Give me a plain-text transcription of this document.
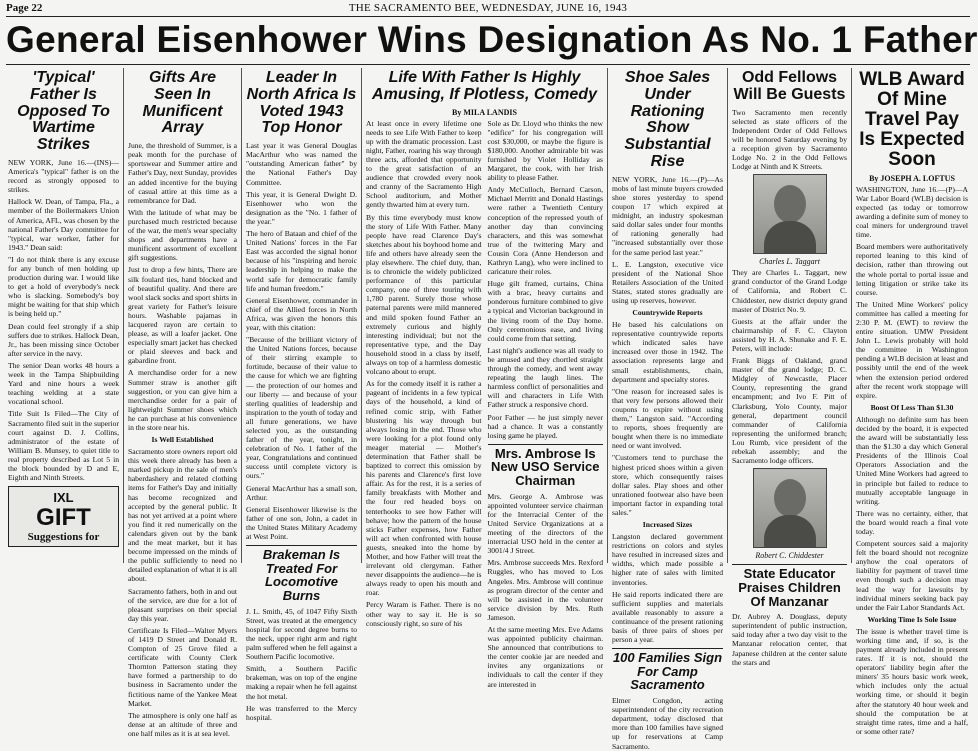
Page 22	THE SACRAMENTO BEE, WEDNESDAY, JUNE 16, 1943
General Eisenhower Wins Designation As No. 1 Father
'Typical' Father Is Opposed To Wartime Strikes

NEW YORK, June 16.—(INS)— America's "typical" father is on the record as strongly opposed to strikes.

Hallock W. Dean, of Tampa, Fla., a member of the Boilermakers Union of America, AFL, was chosen by the national Father's Day committee for "typical, war worker, father for 1943." Dean said:

"I do not think there is any excuse for any bunch of men holding up production during war. I would like to get a hold of everybody's neck who is slacking. Somebody's boy might be waiting for that ship which is being held up."

Dean could feel strongly if a ship suffers due to strikes. Hallock Dean, Jr., has been missing since October after service in the navy.

The senior Dean works 48 hours a week in the Tampa Shipbuilding Yard and nine hours a week teaching welding at a state vocational school.

Title Suit Is Filed—The City of Sacramento filed suit in the superior court against D. J. Collins, administrator of the estate of William B. Munsey, to quiet title to real property described as Lot 5 in the block bounded by D and E, Eighth and Ninth Streets.

IXL
GIFT
Suggestions for
Gifts Are Seen In Munificent Array

June, the threshold of Summer, is a peak month for the purchase of sportswear and Summer attire and Father's Day, next Sunday, provides an added incentive for the buying of casual attire at this time as a remembrance for Dad.

With the latitude of what may be purchased much restricted because of the war, the men's wear specialty shops and departments have a munificent assortment of excellent gift suggestions.

Just to drop a few hints, There are silk foulard ties, hand blocked and of beautiful quality. And there are wool slack socks and sport shirts in great variety for Father's leisure hours. Washable pajamas in lacquered rayon are certain to please, as will a loafer jacket. One especially smart jacket has checked or plaid sleeves and back and gabardine front.

A merchandise order for a new Summer straw is another gift suggestion, or you can give him a merchandise order for a pair of lightweight Summer shoes which he can purchase at his convenience in the store near his.

Is Well Established

Sacramento store owners report old this week there already has been a marked pickup in the sale of men's haberdashery and related clothing items for Father's Day and initially has become recognized and accepted by the general public. It has not yet arrived at a point where you find it red numerically on the calendars given out by the bank and the meat market, but it has become impressed on the minds of the public sufficiently to need no detailed explanation of what it is all about.

Sacramento fathers, both in and out of the service, are due for a lot of pleasant surprises on their special day this year.

Certificate Is Filed—Walter Myers of 1419 D Street and Donald R. Compton of 25 Grove filed a certificate with County Clerk Thornton Patterson stating they have formed a partnership to do business in Sacramento under the fictitious name of the Yankee Meat Market.

The atmosphere is only one half as dense at an altitude of three and one half miles as it is at sea level.

Leader In North Africa Is Voted 1943 Top Honor

Last year it was General Douglas MacArthur who was named the "outstanding American father" by the National Father's Day Committee.

This year, it is General Dwight D. Eisenhower who won the designation as the "No. 1 father of the year."

The hero of Bataan and chief of the United Nations' forces in the Far East was accorded the signal honor because of his "inspiring and heroic leadership in helping to make the world safe for democratic family life and human freedom."

General Eisenhower, commander in chief of the Allied forces in North Africa, was given the honors this year, with this citation:

"Because of the brilliant victory of the United Nations forces, because of their stirring example to fortitude, because of their value to the cause for which we are fighting — the protection of our homes and our liberty — and because of your sterling qualities of leadership and inspiration to the youth of today and all future generations, we have selected you, as the outstanding father of the year, tonight, in celebration of No. 1 father of the year, Congratulations and continued success until complete victory is ours."

General MacArthur has a small son, Arthur.

General Eisenhower likewise is the father of one son, John, a cadet in the United States Military Academy at West Point.

Brakeman Is Treated For Locomotive Burns

J. L. Smith, 45, of 1047 Fifty Sixth Street, was treated at the emergency hospital for second degree burns to the neck, upper right arm and right palm suffered when he fell against a Southern Pacific locomotive.

Smith, a Southern Pacific brakeman, was on top of the engine making a repair when he fell against the hot metal.

He was transferred to the Mercy hospital.

Life With Father Is Highly Amusing, If Plotless, Comedy
By MILA LANDIS

At least once in every lifetime one needs to see Life With Father to keep up with the dramatic procession. Last night, Father, roaring his way through three acts, afforded that opportunity to the great satisfaction of an audience that crowded every nook and cranny of the Sacramento High School auditorium, and Mother gently thwarted him at every turn.

By this time everybody must know the story of Life With Father. Many people have read Clarence Day's sketches about his boyhood home and life and others have already seen the play elsewhere. The chief duty, than, is to chronicle the widely publicized performance of this particular company, one of three touring with 1,780 parent. Surely those whose paternal parents were mild mannered and mild spoken found Father an extremely curious and highly interesting individual; but not the representative type, and the Day household stood in a class by itself, always on top of a harmless domestic volcano about to erupt.

As for the comedy itself it is rather a pageant of incidents in a few typical days of the household, a kind of refined comic strip, with Father blustering his way through but always losing in the end. Those who were looking for a plot found only meager material — Mother's determination that Father shall be baptized to correct this omission by his parents and Clarence's first love affair. As for the rest, it is a series of family breakfasts with Mother and the four red headed boys on tenterhooks to see how Father will behave; how the pattern of the house sticks Father expenses, how Father will act when confronted with house guests, sneaked into the home by Mother, and how Father will treat the irrelevant old clergyman. Father never disappoints the audience—he is always ready to open his mouth and roar.

Percy Waram is Father. There is no other way to say it. He is so consciously right, so sure of his

Sole as Dr. Lloyd who thinks the new "edifice" for his congregation will cost $30,000, or maybe the figure is $180,000. Another admirable bit was furnished by Violet Holliday as Margaret, the cook, with her Irish ability to please Father.

Andy McCulloch, Bernard Carson, Michael Merritt and Donald Hastings were rather a Twentieth Century conception of the repressed youth of another day than convincing characters, and this was somewhat true of the twittering Mary and Cousin Cora (Anne Henderson and Kathryn Lang), who were inclined to caricature their roles.

Huge gilt framed, curtains, China with a brac, heavy curtains and ponderous furniture combined to give a typical and Victorian background in the living room of the Day home. Only ceremonious ease, and living could come from that setting.

Last night's audience was all ready to be amused and they chortled straight through the comedy, and went away repeating the laugh lines. The harmless conflict of personalities and will and characters in Life With Father struck a responsive chord.

Poor Father — he just simply never had a chance. It was a constantly losing game he played.

Mrs. Ambrose Is New USO Service Chairman

Mrs. George A. Ambrose was appointed volunteer service chairman for the Interracial Center of the United Service Organizations at a meeting of the directors of the interracial USO held in the center at 3001/4 J Street.

Mrs. Ambrose succeeds Mrs. Rexford Ruggles, who has moved to Los Angeles. Mrs. Ambrose will continue as program director of the center and will be assisted in the volunteer service division by Mrs. Ruth Jameson.

At the same meeting Mrs. Eve Adams was appointed publicity chairman. She announced that contributions to the center cookie jar are needed and invites any organizations or individuals to call the center if they are interested in

Shoe Sales Under Rationing Show Substantial Rise

NEW YORK, June 16.—(P)—As mobs of last minute buyers crowded shoe stores yesterday to spend coupon 17 which expired at midnight, an industry spokesman said dollar sales under four months of rationing generally had "increased substantially over those for the same period last year."

L. E. Langston, executive vice president of the National Shoe Retailers Association of the United States, stated stores gradually are using up reserves, however.

Countrywide Reports

He based his calculations on representative countrywide reports which indicated sales have increased over those in 1942. The association represents large and small establishments, chain, department and specialty stores.

"One reason for increased sales is that very few persons allowed their coupons to expire without using them," Langston said. "According to reports, shoes frequently are bought when there is no immediate need or want involved.

"Customers tend to purchase the highest priced shoes within a given store, which consequently raises dollar sales. Play shoes and other unrationed footwear also have been important factor in expanding total sales."

Increased Sizes

Langston declared government restrictions on colors and styles have resulted in increased sizes and widths, which made possible a higher rate of sales with limited inventories.

He said reports indicated there are sufficient supplies and materials available reasonably to assure a continuance of the present rationing basis of three pairs of shoes per person a year.

100 Families Sign For Camp Sacramento

Elmer Congdon, acting superintendent of the city recreation department, today disclosed that more than 100 families have signed up for reservations at Camp Sacramento.

Odd Fellows Will Be Guests

Two Sacramento men recently selected as state officers of the Independent Order of Odd Fellows will be honored Saturday evening by a reception given by Sacramento Lodge No. 2 in the Odd Fellows Lodge at Ninth and K Streets.

Charles L. Taggart

They are Charles L. Taggart, new grand conductor of the Grand Lodge of California, and Robert C. Chiddester, new district deputy grand master of District No. 9.

Guests at the affair under the chairmanship of F. C. Clayton assisted by H. A. Shunake and F. E. Peters, will include:

Frank Biggs of Oakland, grand master of the grand lodge; D. C. Midgley of Newcastle, Placer County, representing the grand encampment; and Ivo F. Pitt of Clarksburg, Yolo County, major general, department council commander of California representing the uniformed branch; Lou Rumb, vice president of the rebekah assembly; and the Sacramento lodge officers.

Robert C. Chiddester
State Educator Praises Children Of Manzanar

Dr. Aubrey A. Douglass, deputy superintendent of public instruction, said today after a two day visit to the Manzanar relocation center, that Japanese children at the center salute the stars and

WLB Award Of Mine Travel Pay Is Expected Soon
By JOSEPH A. LOFTUS

WASHINGTON, June 16.—(P)—A War Labor Board (WLB) decision is expected (as today or tomorrow awarding a definite sum of money to coal miners for underground travel time.

Board members were authoritatively reported leaning to this kind of decision, rather than throwing out the whole portal to portal issue and letting litigation or strike take its course.

The United Mine Workers' policy committee has called a meeting for 2:30 P. M. (EWT) to review the entire situation. UMW President John L. Lewis probably will hold the committee in Washington pending a WLB decision at least and possibly until the end of the week when the extension period ordered after the recent work stoppage will expire.

Boost Of Less Than $1.30

Although no definite sum has been decided by the board, it is expected the award will be substantially less than the $1.30 a day which General Presidents of the Illinois Coal Operators Association and the United Mine Workers had agreed to in principle but failed to reduce to mutually acceptable language in writing.

There was no certainty, either, that the board would reach a final vote today.

Competent sources said a majority felt the board should not recognize anyhow the coal operators of liability for payment of travel time even though such a decision may lead the way for lawsuits by individual miners seeking back pay under the Fair Labor Standards Act.

Working Time Is Sole Issue

The issue is whether travel time is working time and, if so, is the payment already included in present rates. If it is not, should the operators' liability begin after the miners' 35 hours basic work week, which includes only the actual working time, or should it begin after the statutory 40 hour week and should the computation be at straight time rates, time and a half, or some other rate?
